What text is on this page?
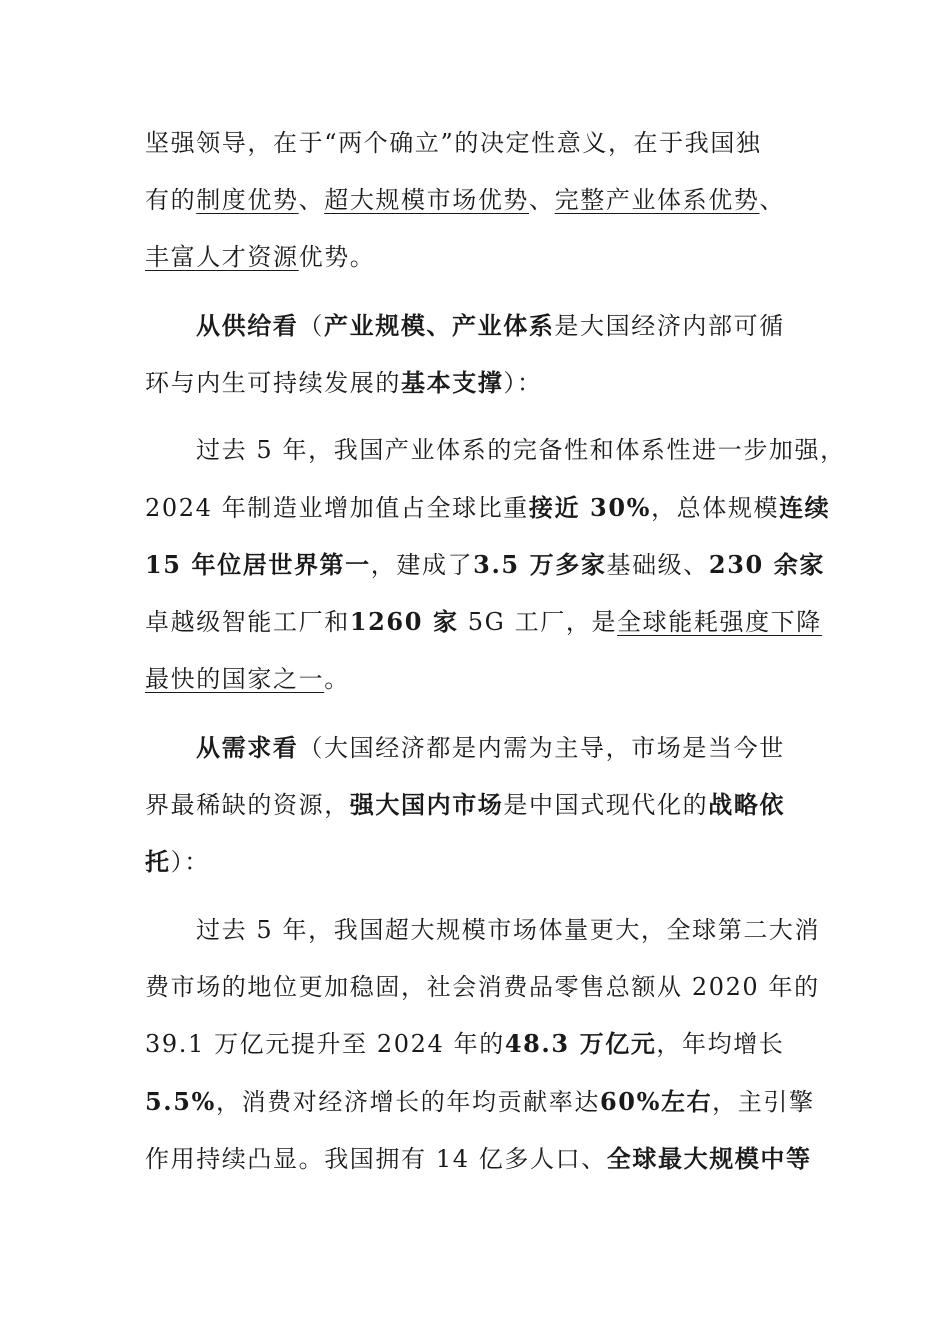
坚强领导，在于“两个确立”的决定性意义，在于我国独
有的制度优势、超大规模市场优势、完整产业体系优势、
丰富人才资源优势。
从供给看（产业规模、产业体系是大国经济内部可循
环与内生可持续发展的基本支撑）：
过去 5 年，我国产业体系的完备性和体系性进一步加强，
2024 年制造业增加值占全球比重接近 30%，总体规模连续
15 年位居世界第一，建成了3.5 万多家基础级、230 余家
卓越级智能工厂和1260 家 5G 工厂，是全球能耗强度下降
最快的国家之一。
从需求看（大国经济都是内需为主导，市场是当今世
界最稀缺的资源，强大国内市场是中国式现代化的战略依
托）：
过去 5 年，我国超大规模市场体量更大，全球第二大消
费市场的地位更加稳固，社会消费品零售总额从 2020 年的
39.1 万亿元提升至 2024 年的48.3 万亿元，年均增长
5.5%，消费对经济增长的年均贡献率达60%左右，主引擎
作用持续凸显。我国拥有 14 亿多人口、全球最大规模中等
